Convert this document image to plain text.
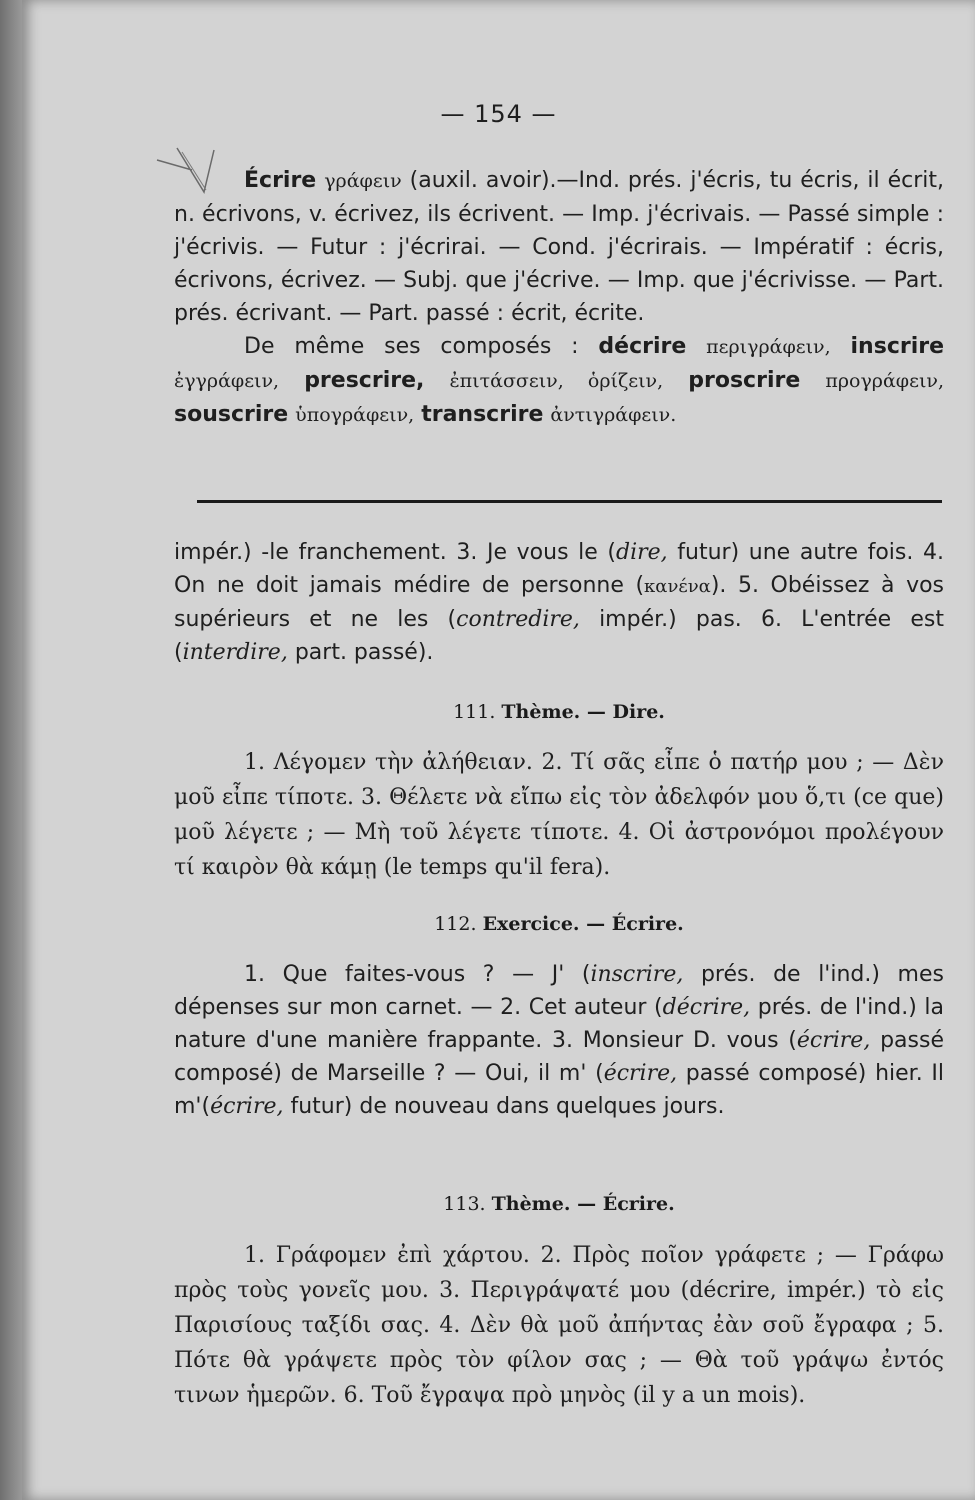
— 154 —
Écrire γράφειν (auxil. avoir).—Ind. prés. j'écris, tu écris, il écrit, n. écrivons, v. écrivez, ils écrivent. — Imp. j'écrivais. — Passé simple : j'écrivis. — Futur : j'écrirai. — Cond. j'écrirais. — Impératif : écris, écrivons, écrivez. — Subj. que j'écrive. — Imp. que j'écrivisse. — Part. prés. écrivant. — Part. passé : écrit, écrite.
De même ses composés : décrire περιγράφειν, inscrire ἐγγράφειν, prescrire, ἐπιτάσσειν, ὁρίζειν, proscrire προγράφειν, souscrire ὑπογράφειν, transcrire ἀντιγράφειν.
impér.) -le franchement. 3. Je vous le (dire, futur) une autre fois. 4. On ne doit jamais médire de personne (κανένα). 5. Obéissez à vos supérieurs et ne les (contredire, impér.) pas. 6. L'entrée est (interdire, part. passé).
111. Thème. — Dire.
1. Λέγομεν τὴν ἀλήθειαν. 2. Τί σᾶς εἶπε ὁ πατήρ μου ; — Δὲν μοῦ εἶπε τίποτε. 3. Θέλετε νὰ εἴπω εἰς τὸν ἀδελφόν μου ὅ,τι (ce que) μοῦ λέγετε ; — Μὴ τοῦ λέγετε τίποτε. 4. Οἱ ἀστρονόμοι προλέγουν τί καιρὸν θὰ κάμῃ (le temps qu'il fera).
112. Exercice. — Écrire.
1. Que faites-vous ? — J' (inscrire, prés. de l'ind.) mes dépenses sur mon carnet. — 2. Cet auteur (décrire, prés. de l'ind.) la nature d'une manière frappante. 3. Monsieur D. vous (écrire, passé composé) de Marseille ? — Oui, il m' (écrire, passé composé) hier. Il m'(écrire, futur) de nouveau dans quelques jours.
113. Thème. — Écrire.
1. Γράφομεν ἐπὶ χάρτου. 2. Πρὸς ποῖον γράφετε ; — Γράφω πρὸς τοὺς γονεῖς μου. 3. Περιγράψατέ μου (décrire, impér.) τὸ εἰς Παρισίους ταξίδι σας. 4. Δὲν θὰ μοῦ ἀπήντας ἐὰν σοῦ ἔγραφα ; 5. Πότε θὰ γράψετε πρὸς τὸν φίλον σας ; — Θὰ τοῦ γράψω ἐντός τινων ἡμερῶν. 6. Τοῦ ἔγραψα πρὸ μηνὸς (il y a un mois).
